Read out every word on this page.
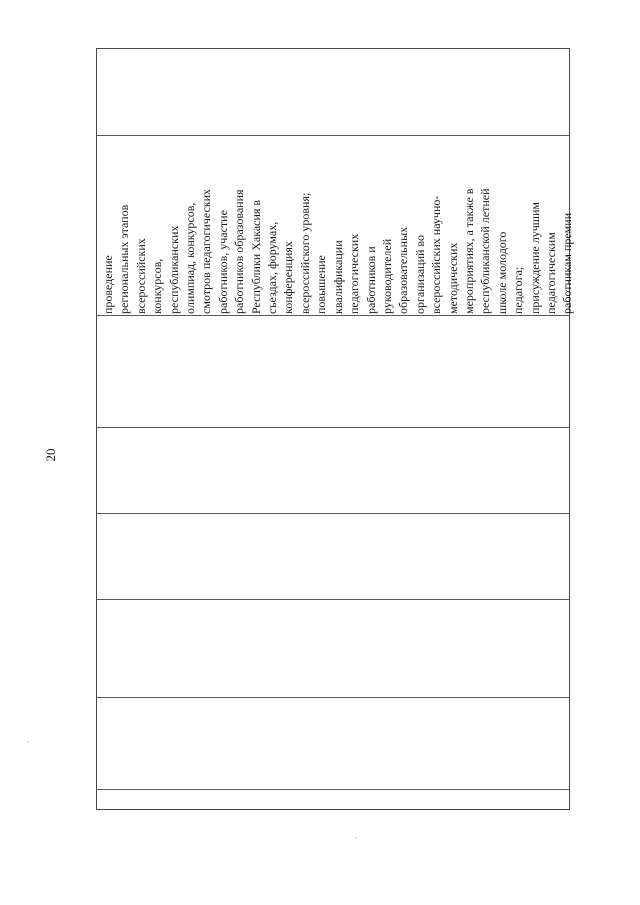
20
проведение региональных этапов всероссийских конкурсов, республиканских олимпиад, конкурсов, смотров педагогических работников, участие работников образования Республики Хакасия в съездах, форумах, конференциях всероссийского уровня; повышение квалификации педагогических работников и руководителей образовательных организаций во всероссийских научно- методических мероприятиях, а также в республиканской летней школе молодого педагога; присуждение лучшим педагогическим работникам премии
